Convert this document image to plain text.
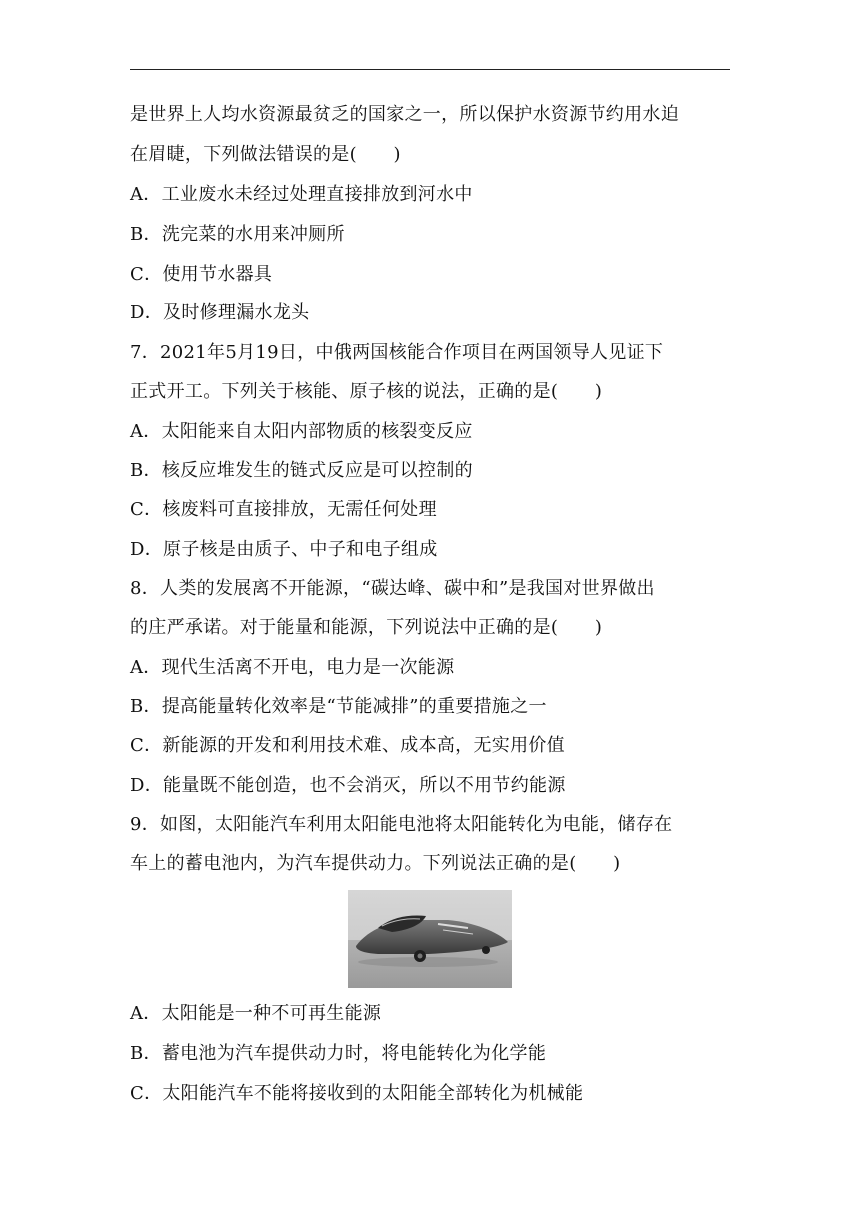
是世界上人均水资源最贫乏的国家之一，所以保护水资源节约用水迫
在眉睫，下列做法错误的是(　　)
A．工业废水未经过处理直接排放到河水中
B．洗完菜的水用来冲厕所
C．使用节水器具
D．及时修理漏水龙头
7．2021年5月19日，中俄两国核能合作项目在两国领导人见证下
正式开工。下列关于核能、原子核的说法，正确的是(　　)
A．太阳能来自太阳内部物质的核裂变反应
B．核反应堆发生的链式反应是可以控制的
C．核废料可直接排放，无需任何处理
D．原子核是由质子、中子和电子组成
8．人类的发展离不开能源，“碳达峰、碳中和”是我国对世界做出
的庄严承诺。对于能量和能源，下列说法中正确的是(　　)
A．现代生活离不开电，电力是一次能源
B．提高能量转化效率是“节能减排”的重要措施之一
C．新能源的开发和利用技术难、成本高，无实用价值
D．能量既不能创造，也不会消灭，所以不用节约能源
9．如图，太阳能汽车利用太阳能电池将太阳能转化为电能，储存在
车上的蓄电池内，为汽车提供动力。下列说法正确的是(　　)
A．太阳能是一种不可再生能源
B．蓄电池为汽车提供动力时，将电能转化为化学能
C．太阳能汽车不能将接收到的太阳能全部转化为机械能
